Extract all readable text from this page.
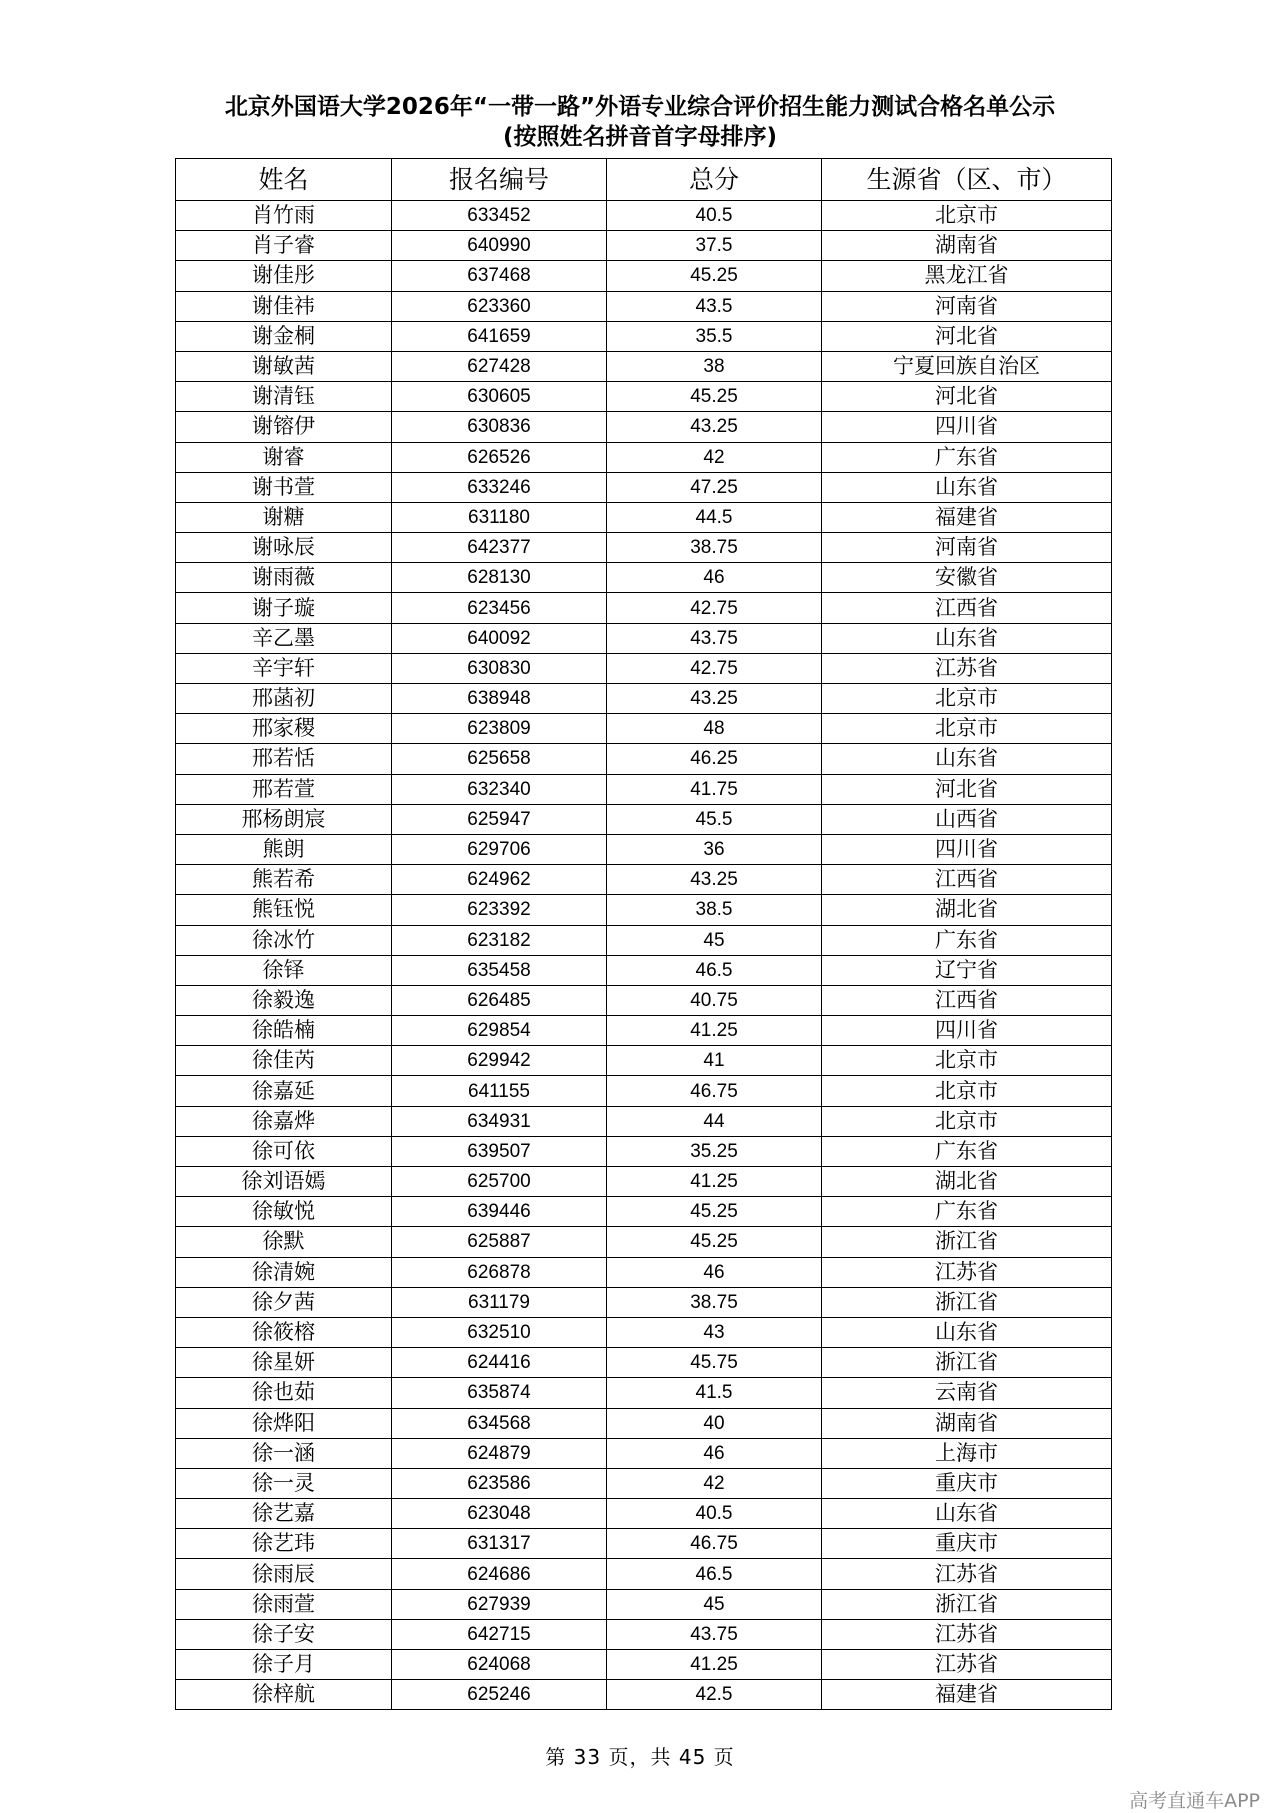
北京外国语大学2026年“一带一路”外语专业综合评价招生能力测试合格名单公示
(按照姓名拼音首字母排序)
姓名	报名编号	总分	生源省（区、市）
肖竹雨	633452	40.5	北京市
肖子睿	640990	37.5	湖南省
谢佳彤	637468	45.25	黑龙江省
谢佳祎	623360	43.5	河南省
谢金桐	641659	35.5	河北省
谢敏茜	627428	38	宁夏回族自治区
谢清钰	630605	45.25	河北省
谢镕伊	630836	43.25	四川省
谢睿	626526	42	广东省
谢书萱	633246	47.25	山东省
谢糖	631180	44.5	福建省
谢咏辰	642377	38.75	河南省
谢雨薇	628130	46	安徽省
谢子璇	623456	42.75	江西省
辛乙墨	640092	43.75	山东省
辛宇轩	630830	42.75	江苏省
邢菡初	638948	43.25	北京市
邢家稷	623809	48	北京市
邢若恬	625658	46.25	山东省
邢若萱	632340	41.75	河北省
邢杨朗宸	625947	45.5	山西省
熊朗	629706	36	四川省
熊若希	624962	43.25	江西省
熊钰悦	623392	38.5	湖北省
徐冰竹	623182	45	广东省
徐铎	635458	46.5	辽宁省
徐毅逸	626485	40.75	江西省
徐皓楠	629854	41.25	四川省
徐佳芮	629942	41	北京市
徐嘉延	641155	46.75	北京市
徐嘉烨	634931	44	北京市
徐可依	639507	35.25	广东省
徐刘语嫣	625700	41.25	湖北省
徐敏悦	639446	45.25	广东省
徐默	625887	45.25	浙江省
徐清婉	626878	46	江苏省
徐夕茜	631179	38.75	浙江省
徐筱榕	632510	43	山东省
徐星妍	624416	45.75	浙江省
徐也茹	635874	41.5	云南省
徐烨阳	634568	40	湖南省
徐一涵	624879	46	上海市
徐一灵	623586	42	重庆市
徐艺嘉	623048	40.5	山东省
徐艺玮	631317	46.75	重庆市
徐雨辰	624686	46.5	江苏省
徐雨萱	627939	45	浙江省
徐子安	642715	43.75	江苏省
徐子月	624068	41.25	江苏省
徐梓航	625246	42.5	福建省
第 33 页，共 45 页
高考直通车APP
